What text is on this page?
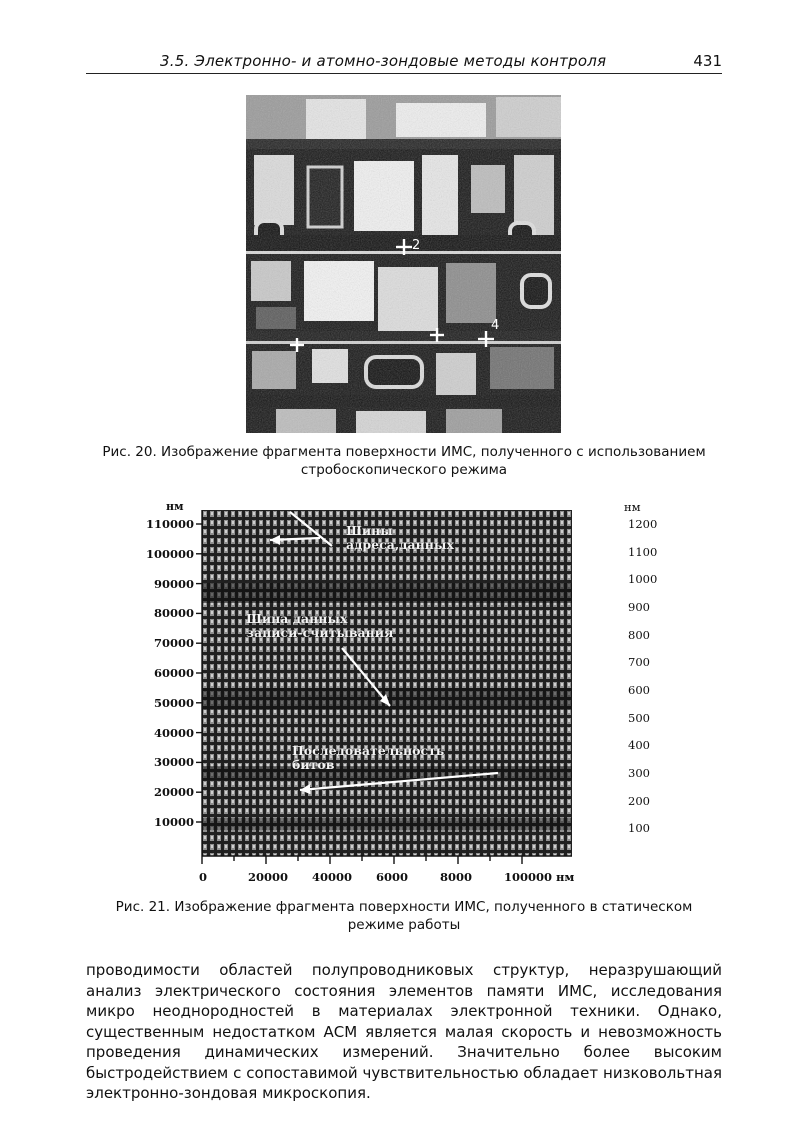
3.5. Электронно- и атомно-зондовые методы контроля	431
2
4
Рис. 20. Изображение фрагмента поверхности ИМС, полученного с использованием стробоскопического режима
нм
110000
100000
90000
80000
70000
60000
50000
40000
30000
20000
10000
0	20000 40000 6000	8000	100000 нм
Шины
адреса,данных
Шина данных
записи-считывания
Последовательность
битов
нм
1200
1100
1000
900
800
700
600
500
400
300
200
100
Рис. 21. Изображение фрагмента поверхности ИМС, полученного в статическом режиме работы
проводимости областей полупроводниковых структур, неразрушающий анализ электрического состояния элементов памяти ИМС, исследования микро неоднородностей в материалах электронной техники. Однако, существенным недостатком АСМ является малая скорость и невозможность проведения динамических измерений. Значительно более высоким быстродействием с сопоставимой чувствительностью обладает низковольтная электронно-зондовая микроскопия.
